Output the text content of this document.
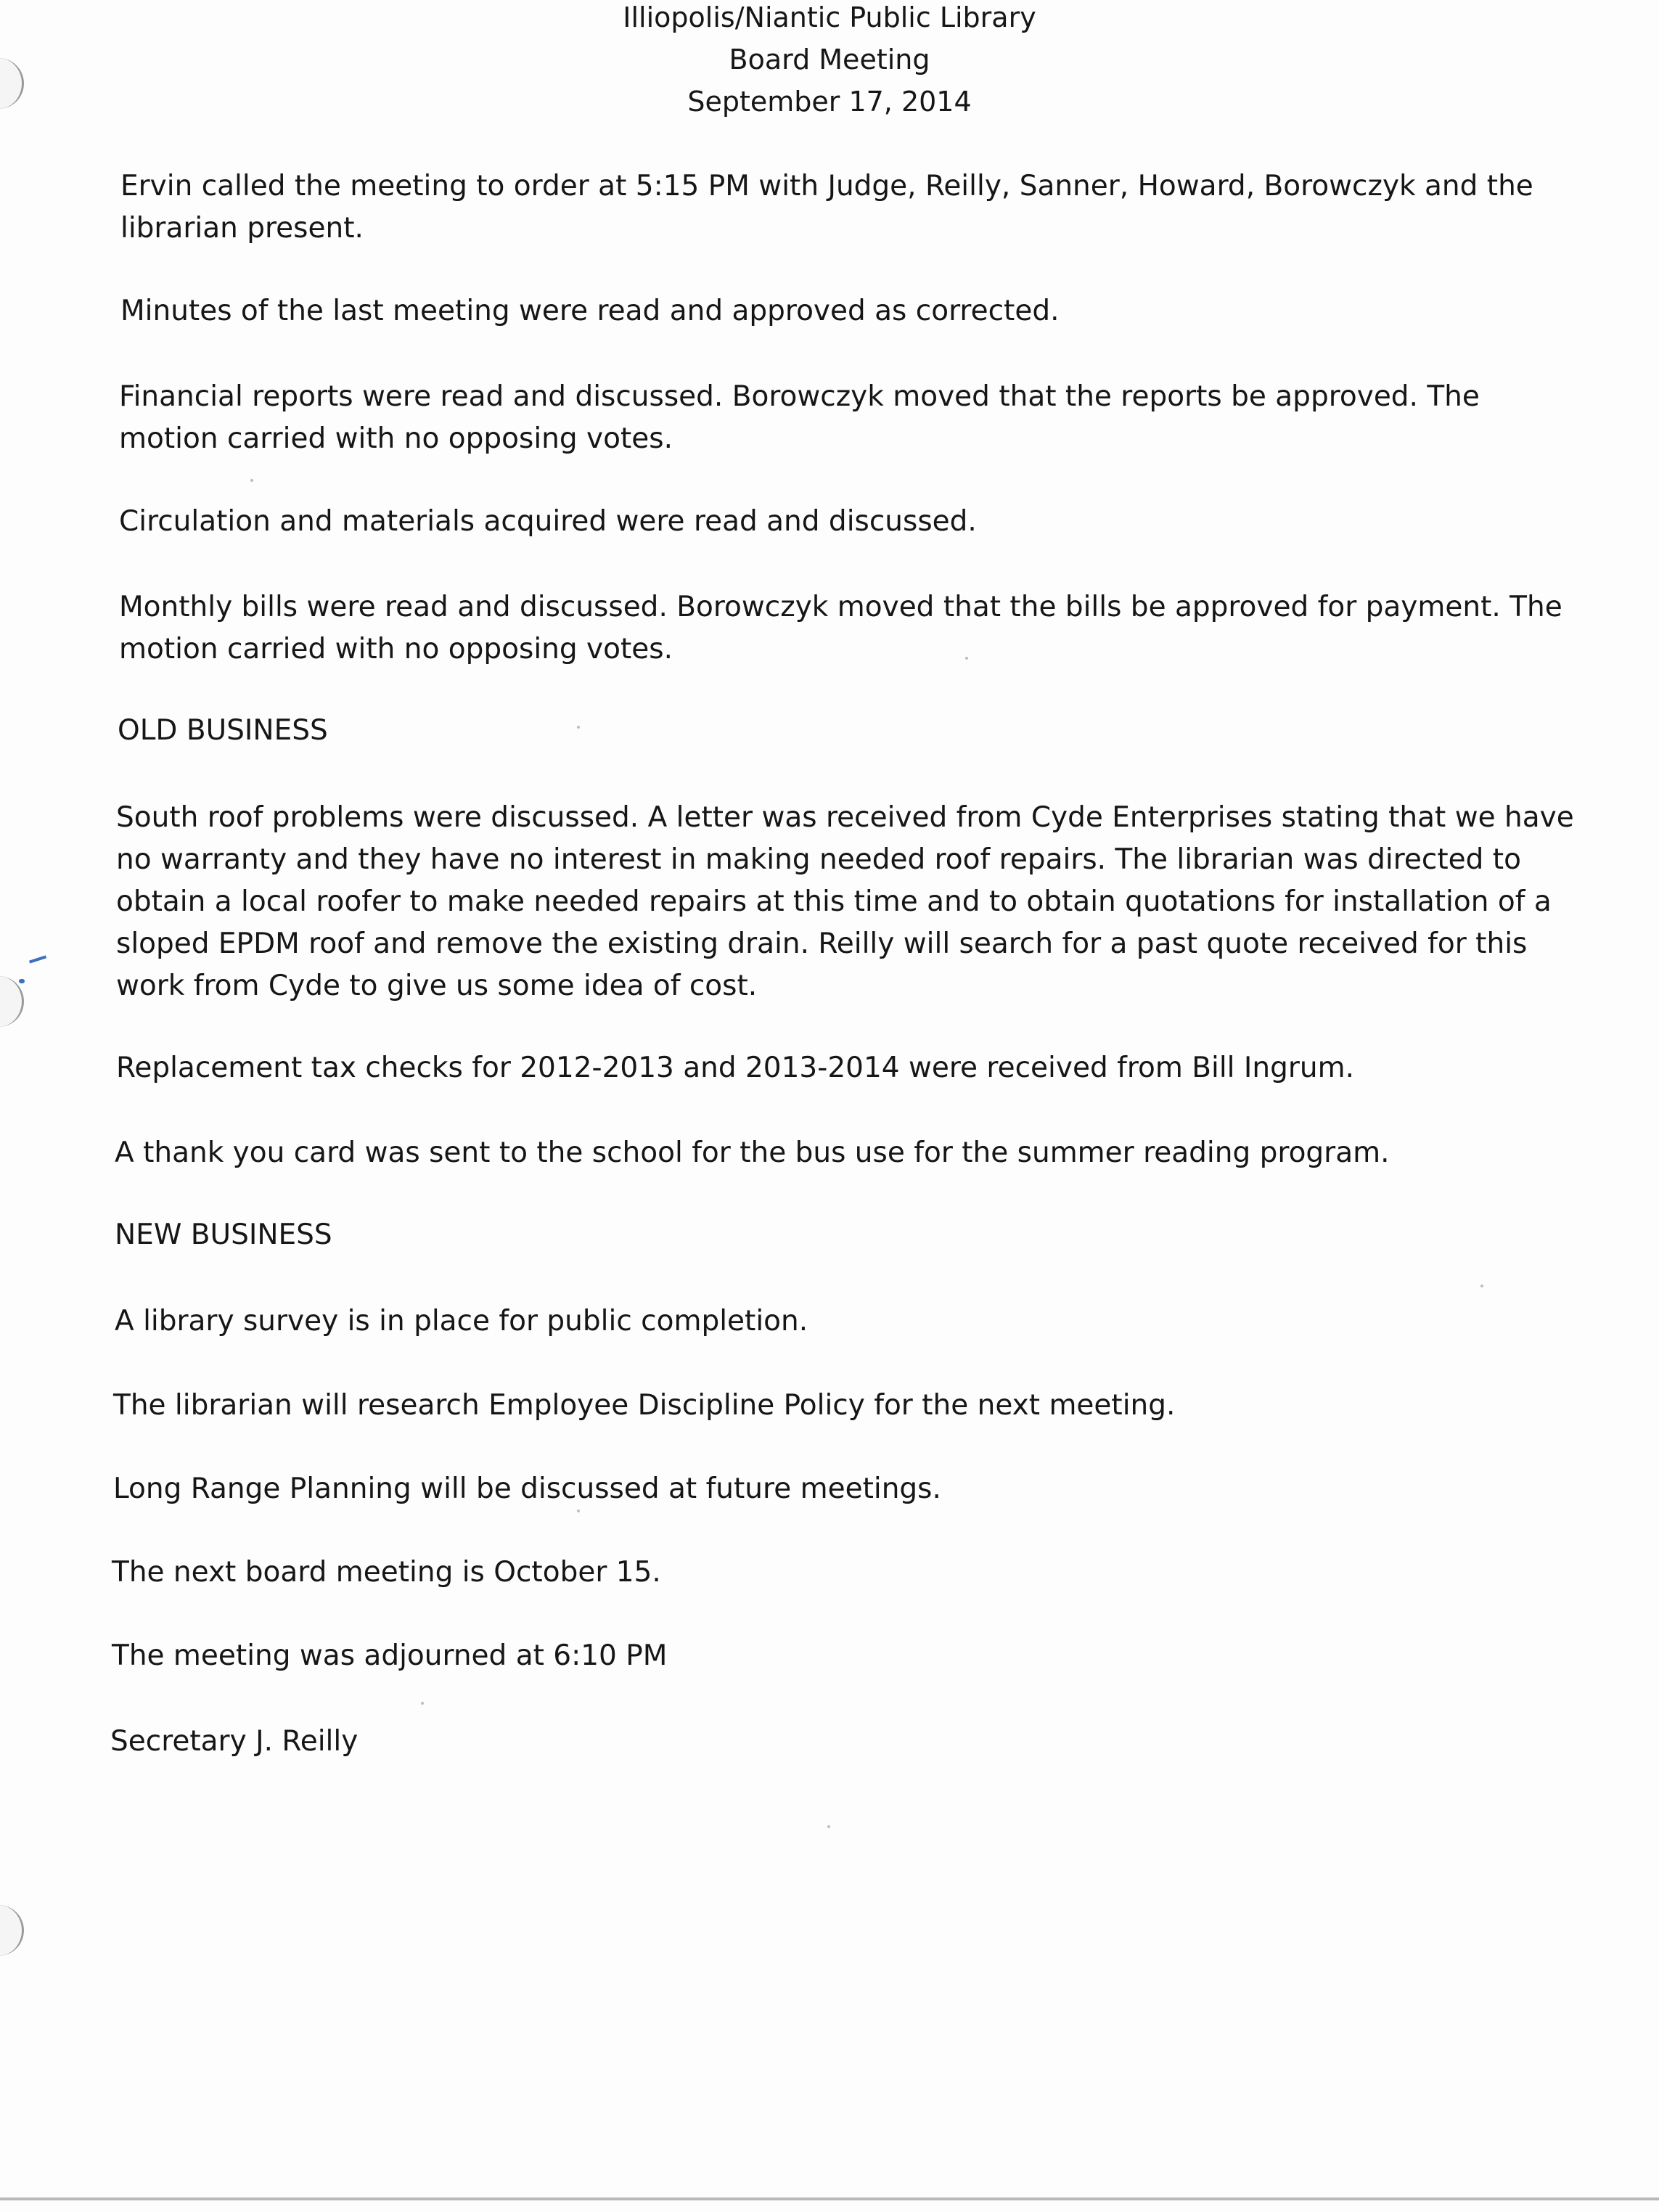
Illiopolis/Niantic Public Library
Board Meeting
September 17, 2014
Ervin called the meeting to order at 5:15 PM with Judge, Reilly, Sanner, Howard, Borowczyk and the
librarian present.
Minutes of the last meeting were read and approved as corrected.
Financial reports were read and discussed. Borowczyk moved that the reports be approved. The
motion carried with no opposing votes.
Circulation and materials acquired were read and discussed.
Monthly bills were read and discussed. Borowczyk moved that the bills be approved for payment. The
motion carried with no opposing votes.
OLD BUSINESS
South roof problems were discussed. A letter was received from Cyde Enterprises stating that we have
no warranty and they have no interest in making needed roof repairs. The librarian was directed to
obtain a local roofer to make needed repairs at this time and to obtain quotations for installation of a
sloped EPDM roof and remove the existing drain. Reilly will search for a past quote received for this
work from Cyde to give us some idea of cost.
Replacement tax checks for 2012-2013 and 2013-2014 were received from Bill Ingrum.
A thank you card was sent to the school for the bus use for the summer reading program.
NEW BUSINESS
A library survey is in place for public completion.
The librarian will research Employee Discipline Policy for the next meeting.
Long Range Planning will be discussed at future meetings.
The next board meeting is October 15.
The meeting was adjourned at 6:10 PM
Secretary J. Reilly
